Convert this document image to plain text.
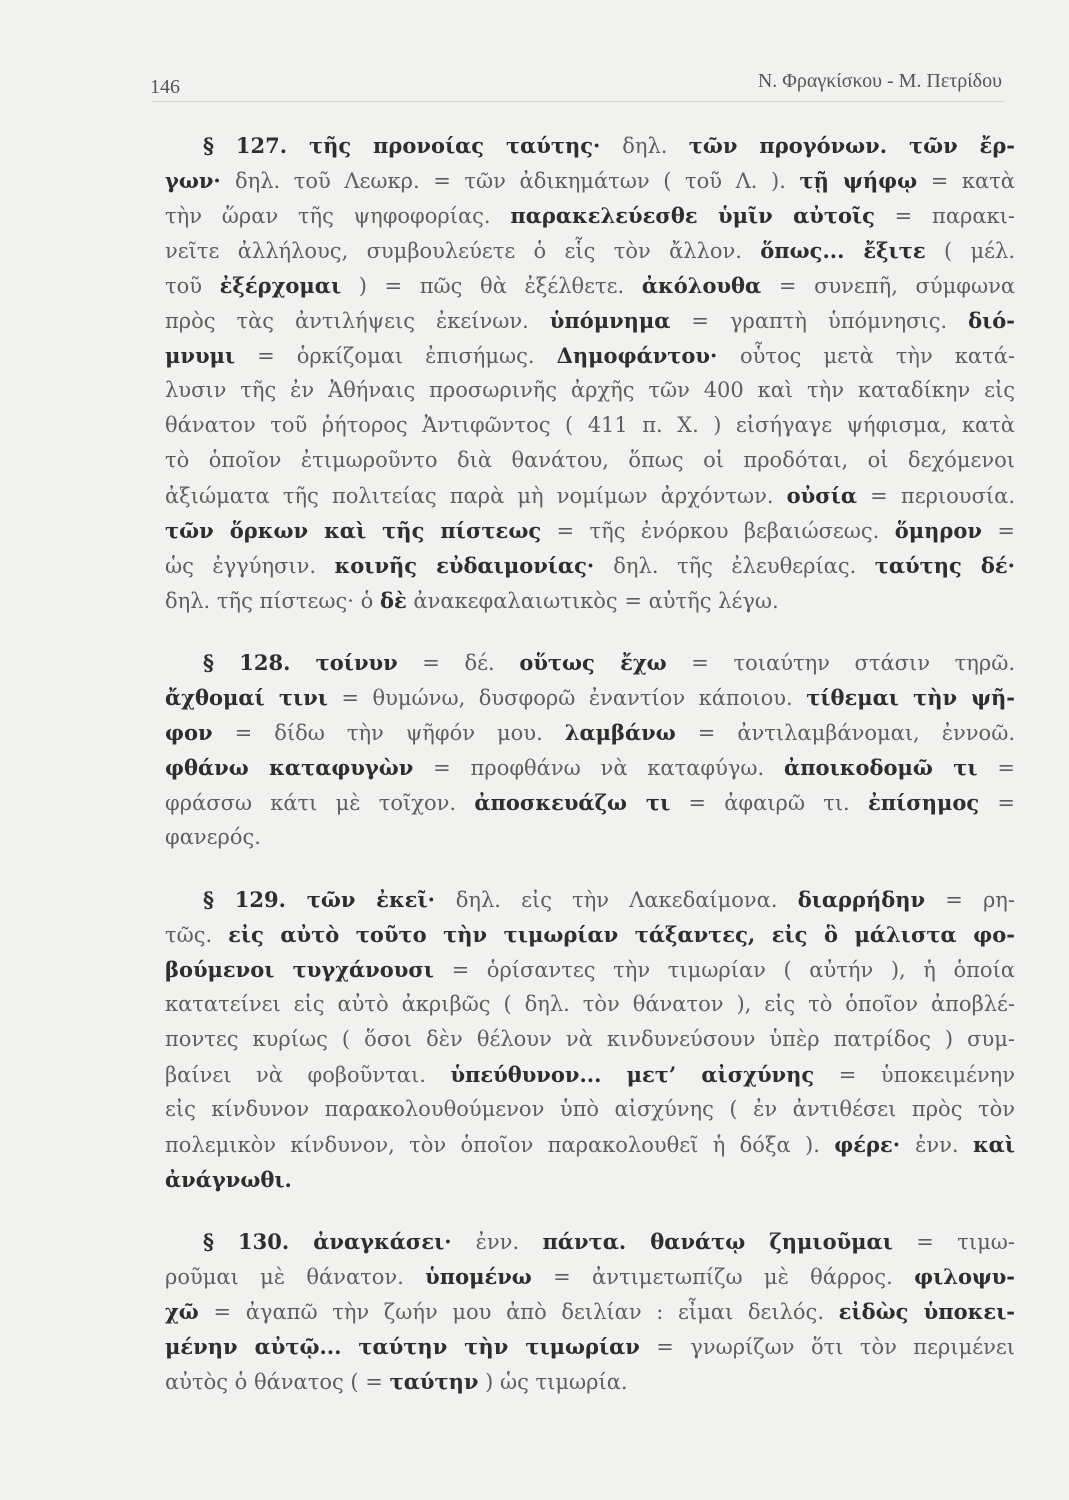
146	Ν. Φραγκίσκου - Μ. Πετρίδου
§ 127. τῆς προνοίας ταύτης· δηλ. τῶν προγόνων. τῶν ἔρ-
γων· δηλ. τοῦ Λεωκρ. = τῶν ἀδικημάτων ( τοῦ Λ. ). τῇ ψήφῳ = κατὰ
τὴν ὥραν τῆς ψηφοφορίας. παρακελεύεσθε ὑμῖν αὐτοῖς = παρακι-
νεῖτε ἀλλήλους, συμβουλεύετε ὁ εἷς τὸν ἄλλον. ὅπως... ἔξιτε ( μέλ.
τοῦ ἐξέρχομαι ) = πῶς θὰ ἐξέλθετε. ἀκόλουθα = συνεπῆ, σύμφωνα
πρὸς τὰς ἀντιλήψεις ἐκείνων. ὑπόμνημα = γραπτὴ ὑπόμνησις. διό-
μνυμι = ὁρκίζομαι ἐπισήμως. Δημοφάντου· οὗτος μετὰ τὴν κατά-
λυσιν τῆς ἐν Ἀθήναις προσωρινῆς ἀρχῆς τῶν 400 καὶ τὴν καταδίκην εἰς
θάνατον τοῦ ῥήτορος Ἀντιφῶντος ( 411 π. Χ. ) εἰσήγαγε ψήφισμα, κατὰ
τὸ ὁποῖον ἐτιμωροῦντο διὰ θανάτου, ὅπως οἱ προδόται, οἱ δεχόμενοι
ἀξιώματα τῆς πολιτείας παρὰ μὴ νομίμων ἀρχόντων. οὐσία = περιουσία.
τῶν ὅρκων καὶ τῆς πίστεως = τῆς ἐνόρκου βεβαιώσεως. ὅμηρον =
ὡς ἐγγύησιν. κοινῆς εὐδαιμονίας· δηλ. τῆς ἐλευθερίας. ταύτης δέ·
δηλ. τῆς πίστεως· ὁ δὲ ἀνακεφαλαιωτικὸς = αὐτῆς λέγω.
§ 128. τοίνυν = δέ. οὕτως ἔχω = τοιαύτην στάσιν τηρῶ.
ἄχθομαί τινι = θυμώνω, δυσφορῶ ἐναντίον κάποιου. τίθεμαι τὴν ψῆ-
φον = δίδω τὴν ψῆφόν μου. λαμβάνω = ἀντιλαμβάνομαι, ἐννοῶ.
φθάνω καταφυγὼν = προφθάνω νὰ καταφύγω. ἀποικοδομῶ τι =
φράσσω κάτι μὲ τοῖχον. ἀποσκευάζω τι = ἀφαιρῶ τι. ἐπίσημος =
φανερός.
§ 129. τῶν ἐκεῖ· δηλ. εἰς τὴν Λακεδαίμονα. διαρρήδην = ρη-
τῶς. εἰς αὐτὸ τοῦτο τὴν τιμωρίαν τάξαντες, εἰς ὃ μάλιστα φο-
βούμενοι τυγχάνουσι = ὁρίσαντες τὴν τιμωρίαν ( αὐτήν ), ἡ ὁποία
κατατείνει εἰς αὐτὸ ἀκριβῶς ( δηλ. τὸν θάνατον ), εἰς τὸ ὁποῖον ἀποβλέ-
ποντες κυρίως ( ὅσοι δὲν θέλουν νὰ κινδυνεύσουν ὑπὲρ πατρίδος ) συμ-
βαίνει νὰ φοβοῦνται. ὑπεύθυνον... μετ’ αἰσχύνης = ὑποκειμένην
εἰς κίνδυνον παρακολουθούμενον ὑπὸ αἰσχύνης ( ἐν ἀντιθέσει πρὸς τὸν
πολεμικὸν κίνδυνον, τὸν ὁποῖον παρακολουθεῖ ἡ δόξα ). φέρε· ἐνν. καὶ
ἀνάγνωθι.
§ 130. ἀναγκάσει· ἐνν. πάντα. θανάτῳ ζημιοῦμαι = τιμω-
ροῦμαι μὲ θάνατον. ὑπομένω = ἀντιμετωπίζω μὲ θάρρος. φιλοψυ-
χῶ = ἀγαπῶ τὴν ζωήν μου ἀπὸ δειλίαν : εἶμαι δειλός. εἰδὼς ὑποκει-
μένην αὐτῷ... ταύτην τὴν τιμωρίαν = γνωρίζων ὅτι τὸν περιμένει
αὐτὸς ὁ θάνατος ( = ταύτην ) ὡς τιμωρία.
